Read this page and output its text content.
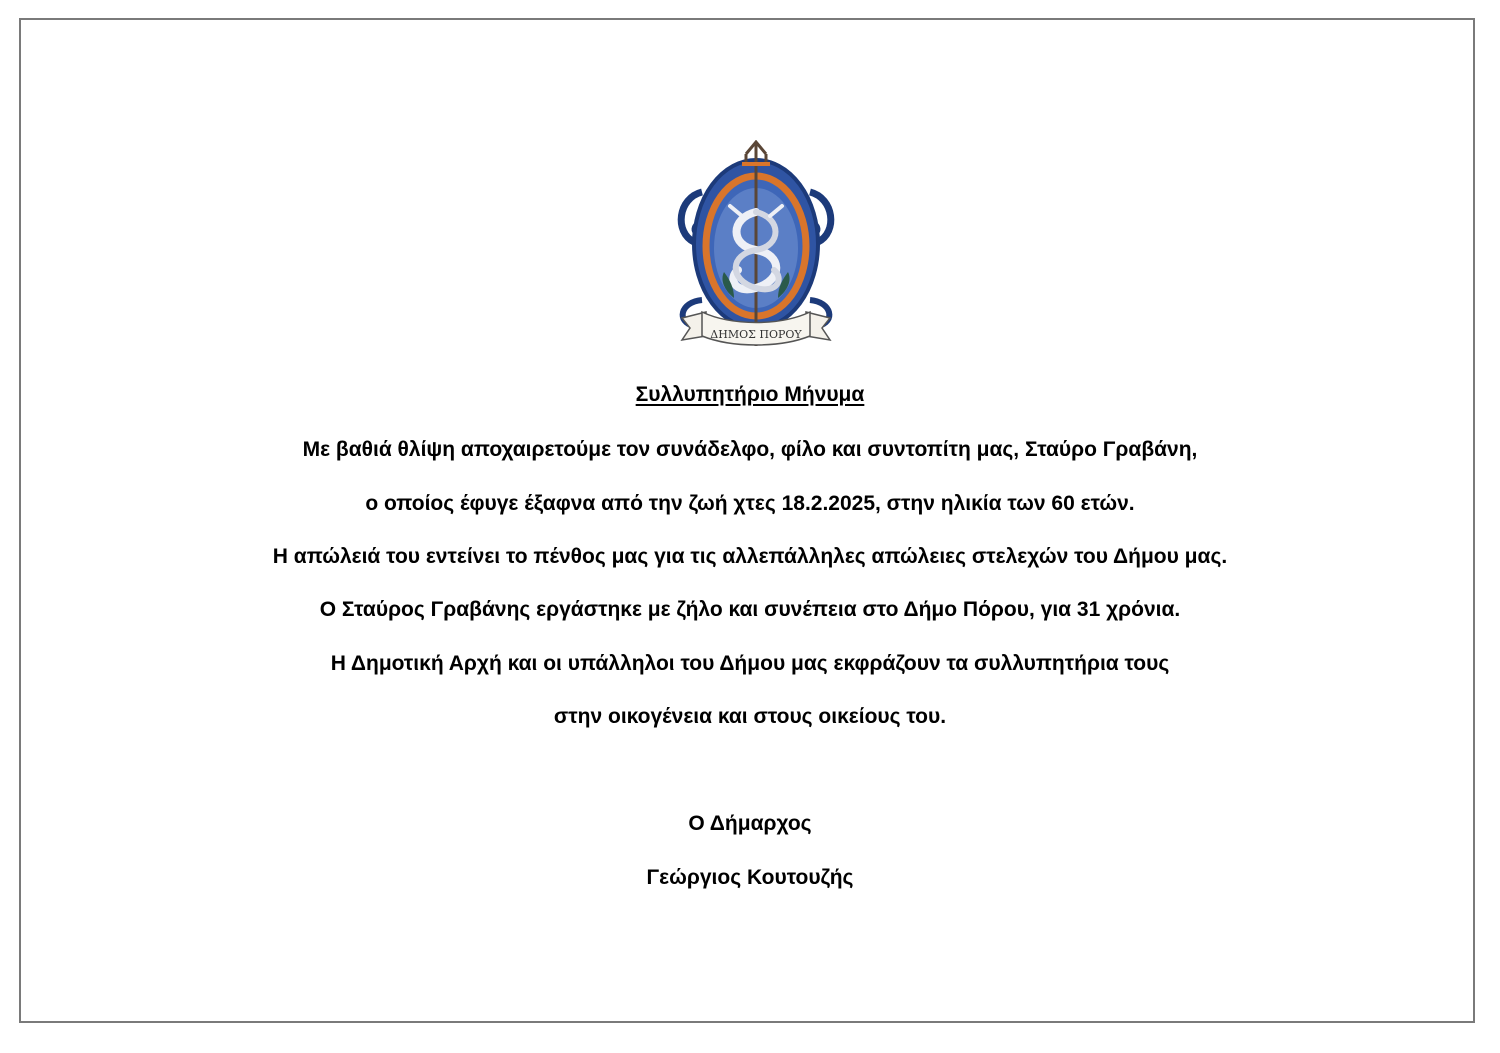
ΔΗΜΟΣ ΠΟΡΟΥ
Συλλυπητήριο Μήνυμα
Με βαθιά θλίψη αποχαιρετούμε τον συνάδελφο, φίλο και συντοπίτη μας, Σταύρο Γραβάνη,
ο οποίος έφυγε έξαφνα από την ζωή χτες 18.2.2025, στην ηλικία των 60 ετών.
Η απώλειά του εντείνει το πένθος μας για τις αλλεπάλληλες απώλειες στελεχών του Δήμου μας.
Ο Σταύρος Γραβάνης εργάστηκε με ζήλο και συνέπεια στο Δήμο Πόρου, για 31 χρόνια.
Η Δημοτική Αρχή και οι υπάλληλοι του Δήμου μας εκφράζουν τα συλλυπητήρια τους
στην οικογένεια και στους οικείους του.
Ο Δήμαρχος
Γεώργιος Κουτουζής
